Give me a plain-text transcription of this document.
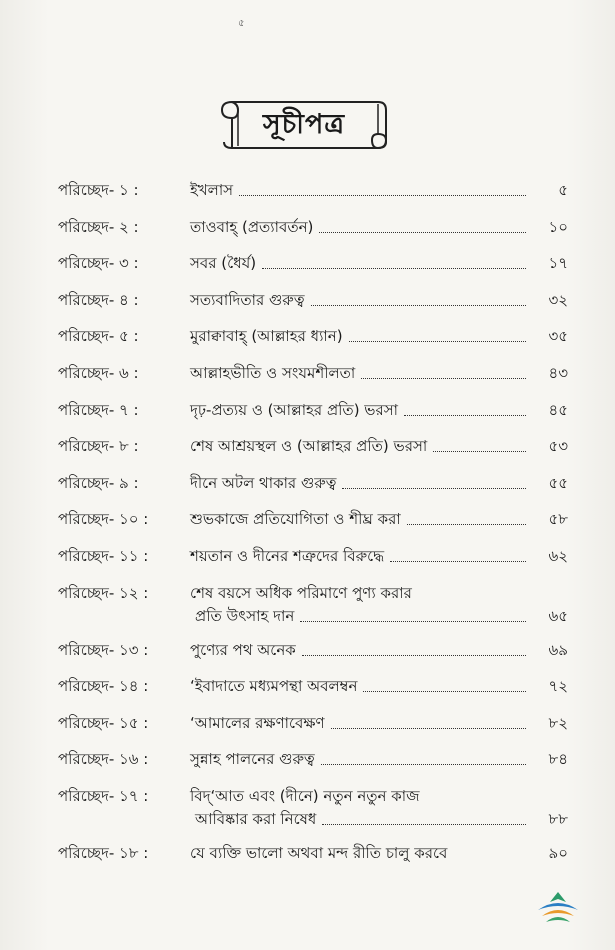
৫
সূচীপত্র
পরিচ্ছেদ- ১ :	ইখলাস	৫
পরিচ্ছেদ- ২ :	তাওবাহ্ (প্রত্যাবর্তন)	১০
পরিচ্ছেদ- ৩ :	সবর (ধৈর্য)	১৭
পরিচ্ছেদ- ৪ :	সত্যবাদিতার গুরুত্ব	৩২
পরিচ্ছেদ- ৫ :	মুরাক্বাবাহ্ (আল্লাহর ধ্যান)	৩৫
পরিচ্ছেদ- ৬ :	আল্লাহভীতি ও সংযমশীলতা	৪৩
পরিচ্ছেদ- ৭ :	দৃঢ়-প্রত্যয় ও (আল্লাহর প্রতি) ভরসা	৪৫
পরিচ্ছেদ- ৮ :	শেষ আশ্রয়স্থল ও (আল্লাহর প্রতি) ভরসা	৫৩
পরিচ্ছেদ- ৯ :	দীনে অটল থাকার গুরুত্ব	৫৫
পরিচ্ছেদ- ১০ :	শুভকাজে প্রতিযোগিতা ও শীঘ্র করা	৫৮
পরিচ্ছেদ- ১১ :	শয়তান ও দীনের শত্রুদের বিরুদ্ধে	৬২
পরিচ্ছেদ- ১২ :	শেষ বয়সে অধিক পরিমাণে পুণ্য করার
প্রতি উৎসাহ দান	৬৫
পরিচ্ছেদ- ১৩ :	পুণ্যের পথ অনেক	৬৯
পরিচ্ছেদ- ১৪ :	‘ইবাদাতে মধ্যমপন্থা অবলম্বন	৭২
পরিচ্ছেদ- ১৫ :	‘আমালের রক্ষণাবেক্ষণ	৮২
পরিচ্ছেদ- ১৬ :	সুন্নাহ পালনের গুরুত্ব	৮৪
পরিচ্ছেদ- ১৭ :	বিদ্‘আত এবং (দীনে) নতুন নতুন কাজ
আবিষ্কার করা নিষেধ	৮৮
পরিচ্ছেদ- ১৮ :	যে ব্যক্তি ভালো অথবা মন্দ রীতি চালু করবে	৯০
